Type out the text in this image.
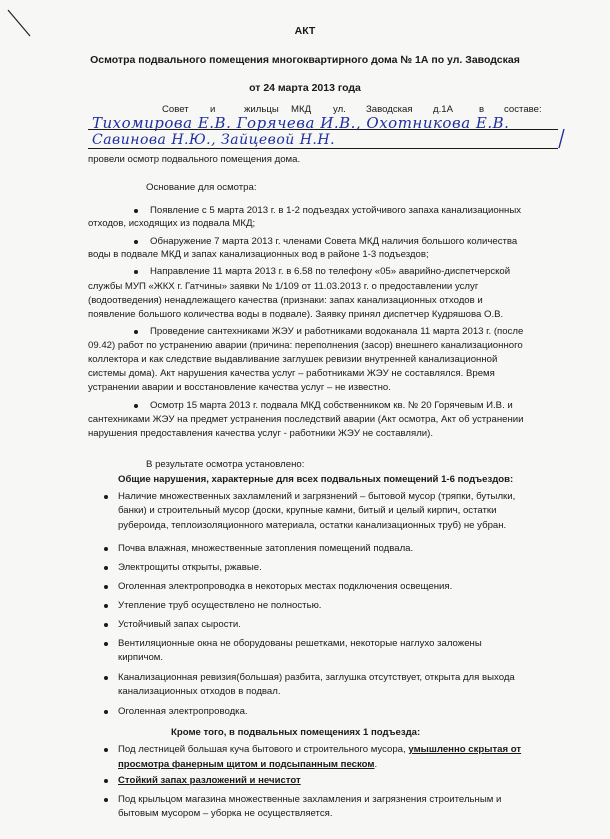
АКТ
Осмотра подвального помещения многоквартирного дома № 1А по ул. Заводская
от 24 марта 2013 года
Совет и	жильцы МКД ул. Заводская д.1А	в составе:
Тихомирова Е.В. Горячева И.В., Охотникова Е.В.
Савинова Н.Ю., Зайцевой Н.Н.
провели осмотр подвального помещения дома.
Основание для осмотра:
Появление с 5 марта 2013 г. в 1-2 подъездах устойчивого запаха канализационных
отходов, исходящих из подвала МКД;
Обнаружение 7 марта 2013 г. членами Совета МКД наличия большого количества
воды в подвале МКД и запах канализационных вод в районе 1-3 подъездов;
Направление 11 марта 2013 г. в 6.58 по телефону «05» аварийно-диспетчерской
службы МУП «ЖКХ г. Гатчины» заявки № 1/109 от 11.03.2013 г. о предоставлении услуг
(водоотведения) ненадлежащего качества (признаки: запах канализационных отходов и
появление большого количества воды в подвале). Заявку принял диспетчер Кудряшова О.В.
Проведение сантехниками ЖЭУ и работниками водоканала 11 марта 2013 г. (после
09.42) работ по устранению аварии (причина: переполнения (засор) внешнего канализационного
коллектора и как следствие выдавливание заглушек ревизии внутренней канализационной
системы дома). Акт нарушения качества услуг – работниками ЖЭУ не составлялся. Время
устранении аварии и восстановление качества услуг – не известно.
Осмотр 15 марта 2013 г. подвала МКД собственником кв. № 20 Горячевым И.В. и
сантехниками ЖЭУ на предмет устранения последствий аварии (Акт осмотра, Акт об устранении
нарушения предоставления качества услуг - работники ЖЭУ не составляли).
В результате осмотра установлено:
Общие нарушения, характерные для всех подвальных помещений 1-6 подъездов:
Наличие множественных захламлений и загрязнений – бытовой мусор (тряпки, бутылки,
банки) и строительный мусор (доски, крупные камни, битый и целый кирпич, остатки
рубероида, теплоизоляционного материала, остатки канализационных труб) не убран.
Почва влажная, множественные затопления помещений подвала.
Электрощиты открыты, ржавые.
Оголенная электропроводка в некоторых местах подключения освещения.
Утепление труб осуществлено не полностью.
Устойчивый запах сырости.
Вентиляционные окна не оборудованы решетками, некоторые наглухо заложены
кирпичом.
Канализационная ревизия(большая) разбита, заглушка отсутствует, открыта для выхода
канализационных отходов в подвал.
Оголенная электропроводка.
Кроме того, в подвальных помещениях 1 подъезда:
Под лестницей большая куча бытового и строительного мусора, умышленно скрытая от
просмотра фанерным щитом и подсыпанным песком.
Стойкий запах разложений и нечистот
Под крыльцом магазина множественные захламления и загрязнения строительным и
бытовым мусором – уборка не осуществляется.
